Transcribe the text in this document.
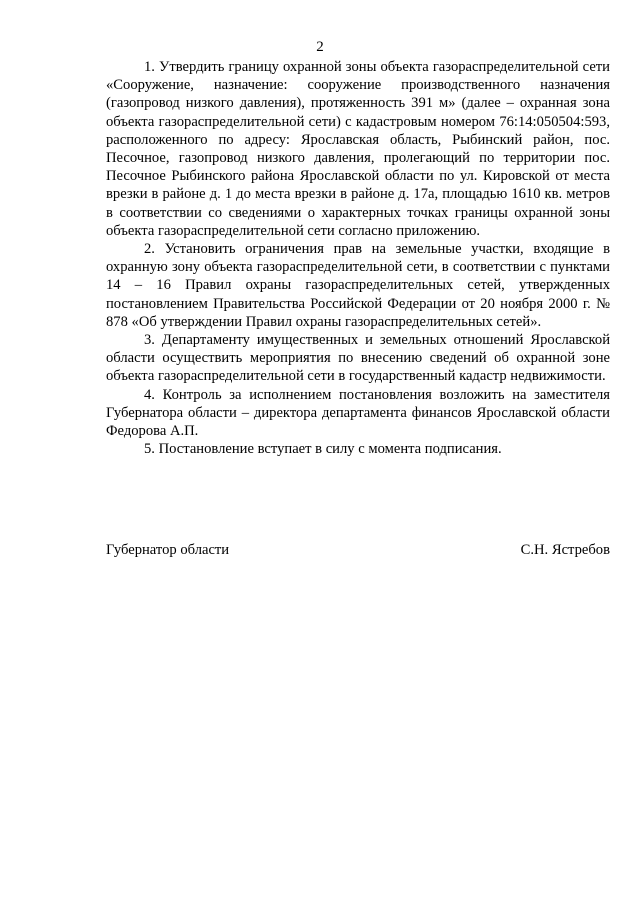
2

1. Утвердить границу охранной зоны объекта газораспределительной сети «Сооружение, назначение: сооружение производственного назначения (газопровод низкого давления), протяженность 391 м» (далее – охранная зона объекта газораспределительной сети) с кадастровым номером 76:14:050504:593, расположенного по адресу: Ярославская область, Рыбинский район, пос. Песочное, газопровод низкого давления, пролегающий по территории пос. Песочное Рыбинского района Ярославской области по ул. Кировской от места врезки в районе д. 1 до места врезки в районе д. 17а, площадью 1610 кв. метров в соответствии со сведениями о характерных точках границы охранной зоны объекта газораспределительной сети согласно приложению.

2. Установить ограничения прав на земельные участки, входящие в охранную зону объекта газораспределительной сети, в соответствии с пунктами 14 – 16 Правил охраны газораспределительных сетей, утвержденных постановлением Правительства Российской Федерации от 20 ноября 2000 г. № 878 «Об утверждении Правил охраны газораспределительных сетей».

3. Департаменту имущественных и земельных отношений Ярославской области осуществить мероприятия по внесению сведений об охранной зоне объекта газораспределительной сети в государственный кадастр недвижимости.

4. Контроль за исполнением постановления возложить на заместителя Губернатора области – директора департамента финансов Ярославской области Федорова А.П.

5. Постановление вступает в силу с момента подписания.

Губернатор области	С.Н. Ястребов
